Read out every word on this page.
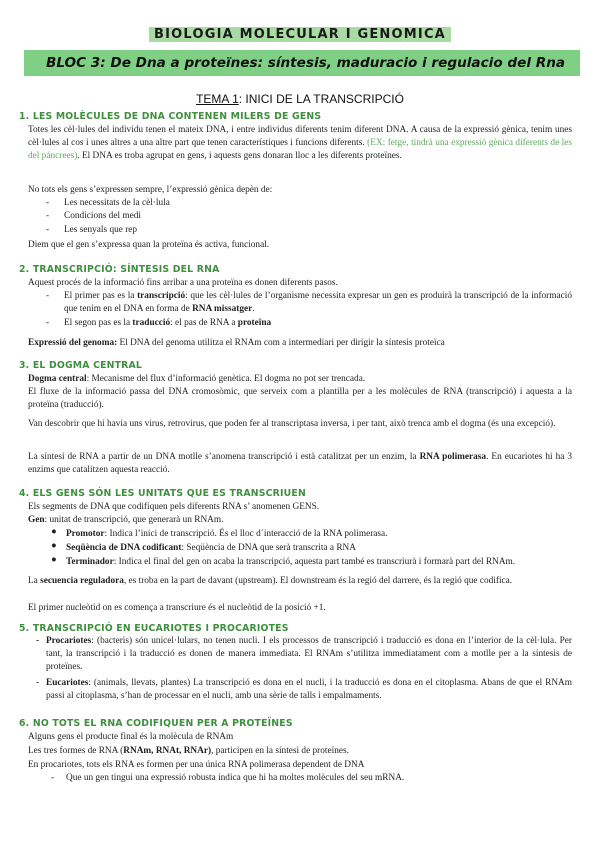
BIOLOGIA MOLECULAR I GENOMICA
BLOC 3: De Dna a proteïnes: síntesis, maduracio i regulacio del Rna
TEMA 1: INICI DE LA TRANSCRIPCIÓ
1. LES MOLÈCULES DE DNA CONTENEN MILERS DE GENS
Totes les cèl·lules del individu tenen el mateix DNA, i entre individus diferents tenim diferent DNA. A causa de la expressió gènica, tenim unes cèl·lules al cos i unes altres a una altre part que tenen característiques i funcions diferents. (EX: fetge, tindrà una expressió gènica diferents de les del páncrees). El DNA es troba agrupat en gens, i aquests gens donaran lloc a les diferents proteïnes.
No tots els gens s’expressen sempre, l’expressió gènica depèn de:
- Les necessitats de la cèl·lula
- Condicions del medi
- Les senyals que rep
Diem que el gen s’expressa quan la proteïna és activa, funcional.
2. TRANSCRIPCIÓ: SÍNTESIS DEL RNA
Aquest procés de la informació fins arribar a una proteïna es donen diferents pasos.
- El primer pas es la transcripció: que les cèl·lules de l’organisme necessita expresar un gen es produirà la transcripció de la informació que tenim en el DNA en forma de RNA missatger.
- El segon pas es la traducció: el pas de RNA a proteïna
Expressió del genoma: El DNA del genoma utilitza el RNAm com a intermediari per dirigir la síntesis proteïca
3. EL DOGMA CENTRAL
Dogma central: Mecanisme del flux d’informació genètica. El dogma no pot ser trencada.
El fluxe de la informació passa del DNA cromosòmic, que serveix com a plantilla per a les molècules de RNA (transcripció) i aquesta a la proteïna (traducció).
Van descobrir que hi havia uns virus, retrovirus, que poden fer al transcriptasa inversa, i per tant, això trenca amb el dogma (és una excepció).
La síntesi de RNA a partir de un DNA motlle s’anomena transcripció i està catalitzat per un enzim, la RNA polimerasa. En eucariotes hi ha 3 enzims que catalitzen aquesta reacció.
4. ELS GENS SÓN LES UNITATS QUE ES TRANSCRIUEN
Els segments de DNA que codifiquen pels diferents RNA s’ anomenen GENS.
Gen: unitat de transcripció, que generarà un RNAm.
● Promotor: Indica l’inici de transcripció. És el lloc d´interacció de la RNA polimerasa.
● Seqüència de DNA codificant: Seqüència de DNA que serà transcrita a RNA
● Terminador: Indica el final del gen on acaba la transcripció, aquesta part també es transcriurà i formarà part del RNAm.
La secuencia reguladora, es troba en la part de davant (upstream). El downstream és la regió del darrere, és la regió que codifica.
El primer nucleòtid on es comença a transcriure és el nucleòtid de la posició +1.
5. TRANSCRIPCIÓ EN EUCARIOTES I PROCARIOTES
- Procariotes: (bacteris) són unicel·lulars, no tenen nucli. I els processos de transcripció i traducció es dona en l’interior de la cèl·lula. Per tant, la transcripció i la traducció es donen de manera immediata. El RNAm s’utilitza immediatament com a motlle per a la síntesis de proteïnes.
- Eucariotes: (animals, llevats, plantes) La transcripció es dona en el nucli, i la traducció es dona en el citoplasma. Abans de que el RNAm passi al citoplasma, s’han de processar en el nucli, amb una sèrie de talls i empalmaments.
6. NO TOTS EL RNA CODIFIQUEN PER A PROTEÏNES
Alguns gens el producte final és la molècula de RNAm
Les tres formes de RNA (RNAm, RNAt, RNAr), participen en la síntesi de proteïnes.
En procariotes, tots els RNA es formen per una única RNA polimerasa dependent de DNA
- Que un gen tingui una expressió robusta indica que hi ha moltes molècules del seu mRNA.
